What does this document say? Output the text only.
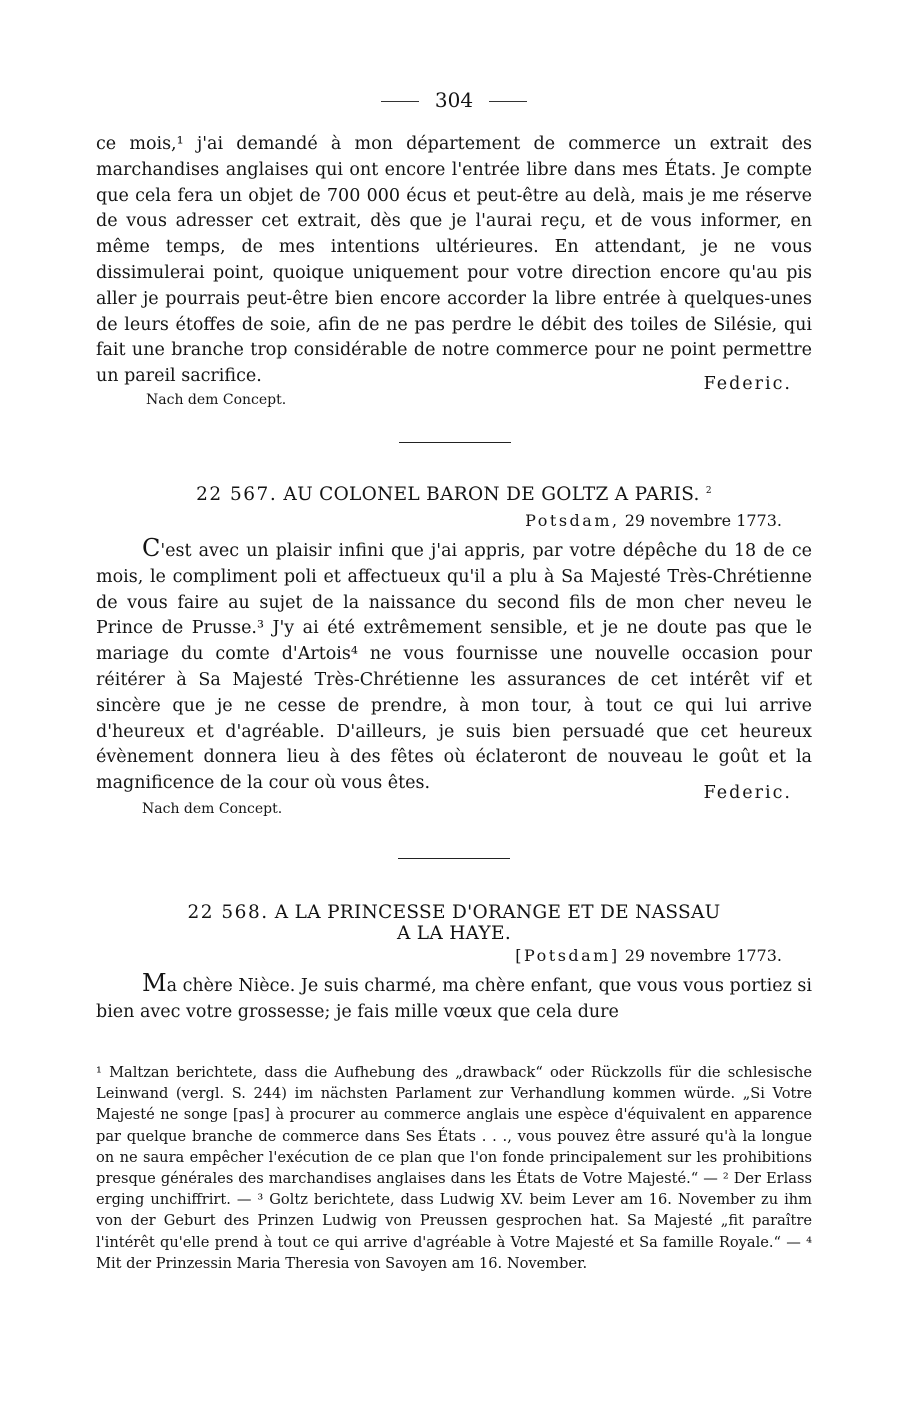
304

ce mois,¹ j'ai demandé à mon département de commerce un extrait des marchandises anglaises qui ont encore l'entrée libre dans mes États. Je compte que cela fera un objet de 700 000 écus et peut-être au delà, mais je me réserve de vous adresser cet extrait, dès que je l'aurai reçu, et de vous informer, en même temps, de mes intentions ultérieures. En attendant, je ne vous dissimulerai point, quoique uniquement pour votre direction encore qu'au pis aller je pourrais peut-être bien encore accorder la libre entrée à quelques-unes de leurs étoffes de soie, afin de ne pas perdre le débit des toiles de Silésie, qui fait une branche trop considérable de notre commerce pour ne point permettre un pareil sacrifice.	Federic.
Nach dem Concept.

22 567. AU COLONEL BARON DE GOLTZ A PARIS. $^2$

Potsdam, 29 novembre 1773.

C'est avec un plaisir infini que j'ai appris, par votre dépêche du 18 de ce mois, le compliment poli et affectueux qu'il a plu à Sa Majesté Très-Chrétienne de vous faire au sujet de la naissance du second fils de mon cher neveu le Prince de Prusse.³ J'y ai été extrêmement sensible, et je ne doute pas que le mariage du comte d'Artois⁴ ne vous fournisse une nouvelle occasion pour réitérer à Sa Majesté Très-Chrétienne les assurances de cet intérêt vif et sincère que je ne cesse de prendre, à mon tour, à tout ce qui lui arrive d'heureux et d'agréable. D'ailleurs, je suis bien persuadé que cet heureux évènement donnera lieu à des fêtes où éclateront de nouveau le goût et la magnificence de la cour où vous êtes.	Federic.
Nach dem Concept.

22 568. A LA PRINCESSE D'ORANGE ET DE NASSAU

A LA HAYE.

[Potsdam] 29 novembre 1773.

Ma chère Nièce. Je suis charmé, ma chère enfant, que vous vous portiez si bien avec votre grossesse; je fais mille vœux que cela dure

¹ Maltzan berichtete, dass die Aufhebung des „drawback“ oder Rückzolls für die schlesische Leinwand (vergl. S. 244) im nächsten Parlament zur Verhandlung kommen würde. „Si Votre Majesté ne songe [pas] à procurer au commerce anglais une espèce d'équivalent en apparence par quelque branche de commerce dans Ses États . . ., vous pouvez être assuré qu'à la longue on ne saura empêcher l'exécution de ce plan que l'on fonde principalement sur les prohibitions presque générales des marchandises anglaises dans les États de Votre Majesté.“ — ² Der Erlass erging unchiffrirt. — ³ Goltz berichtete, dass Ludwig XV. beim Lever am 16. November zu ihm von der Geburt des Prinzen Ludwig von Preussen gesprochen hat. Sa Majesté „fit paraître l'intérêt qu'elle prend à tout ce qui arrive d'agréable à Votre Majesté et Sa famille Royale.“ — ⁴ Mit der Prinzessin Maria Theresia von Savoyen am 16. November.
